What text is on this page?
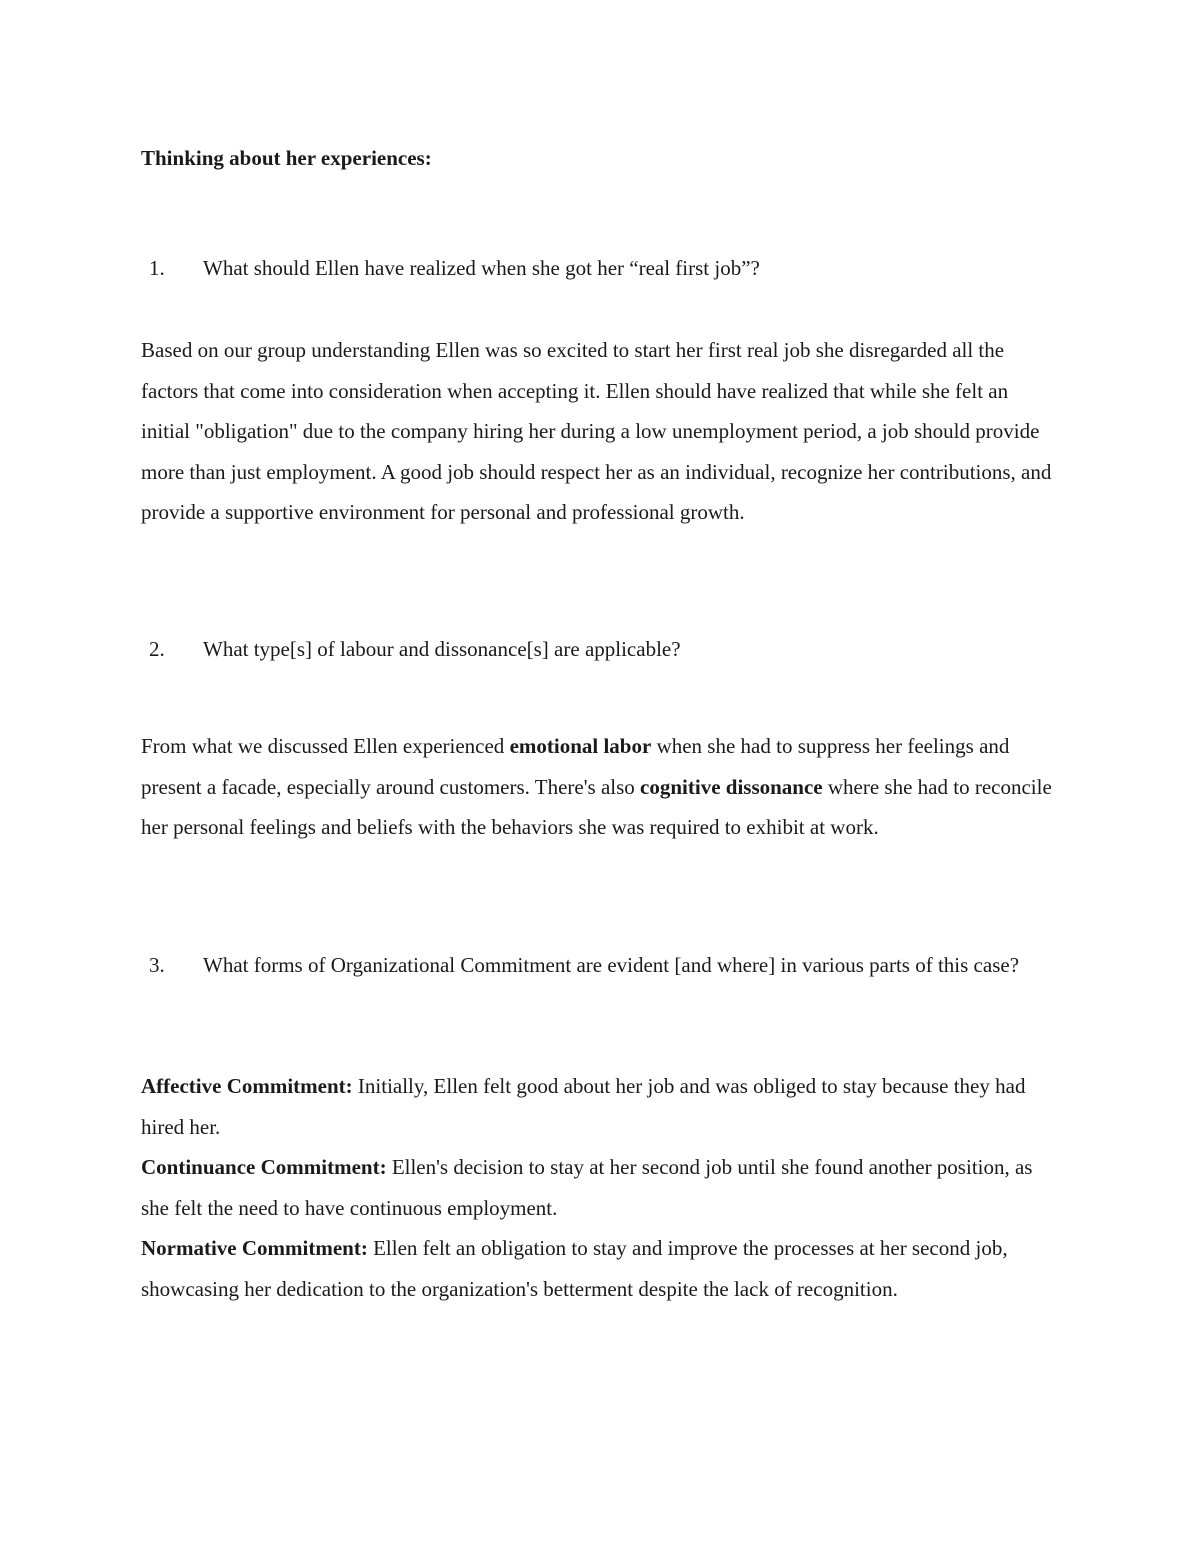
Thinking about her experiences:

1. What should Ellen have realized when she got her “real first job”?

Based on our group understanding Ellen was so excited to start her first real job she disregarded all the factors that come into consideration when accepting it. Ellen should have realized that while she felt an initial "obligation" due to the company hiring her during a low unemployment period, a job should provide more than just employment. A good job should respect her as an individual, recognize her contributions, and provide a supportive environment for personal and professional growth.

2. What type[s] of labour and dissonance[s] are applicable?

From what we discussed Ellen experienced emotional labor when she had to suppress her feelings and present a facade, especially around customers. There's also cognitive dissonance where she had to reconcile her personal feelings and beliefs with the behaviors she was required to exhibit at work.

3. What forms of Organizational Commitment are evident [and where] in various parts of this case?
Affective Commitment: Initially, Ellen felt good about her job and was obliged to stay because they had hired her.
Continuance Commitment: Ellen's decision to stay at her second job until she found another position, as she felt the need to have continuous employment.
Normative Commitment: Ellen felt an obligation to stay and improve the processes at her second job, showcasing her dedication to the organization's betterment despite the lack of recognition.
